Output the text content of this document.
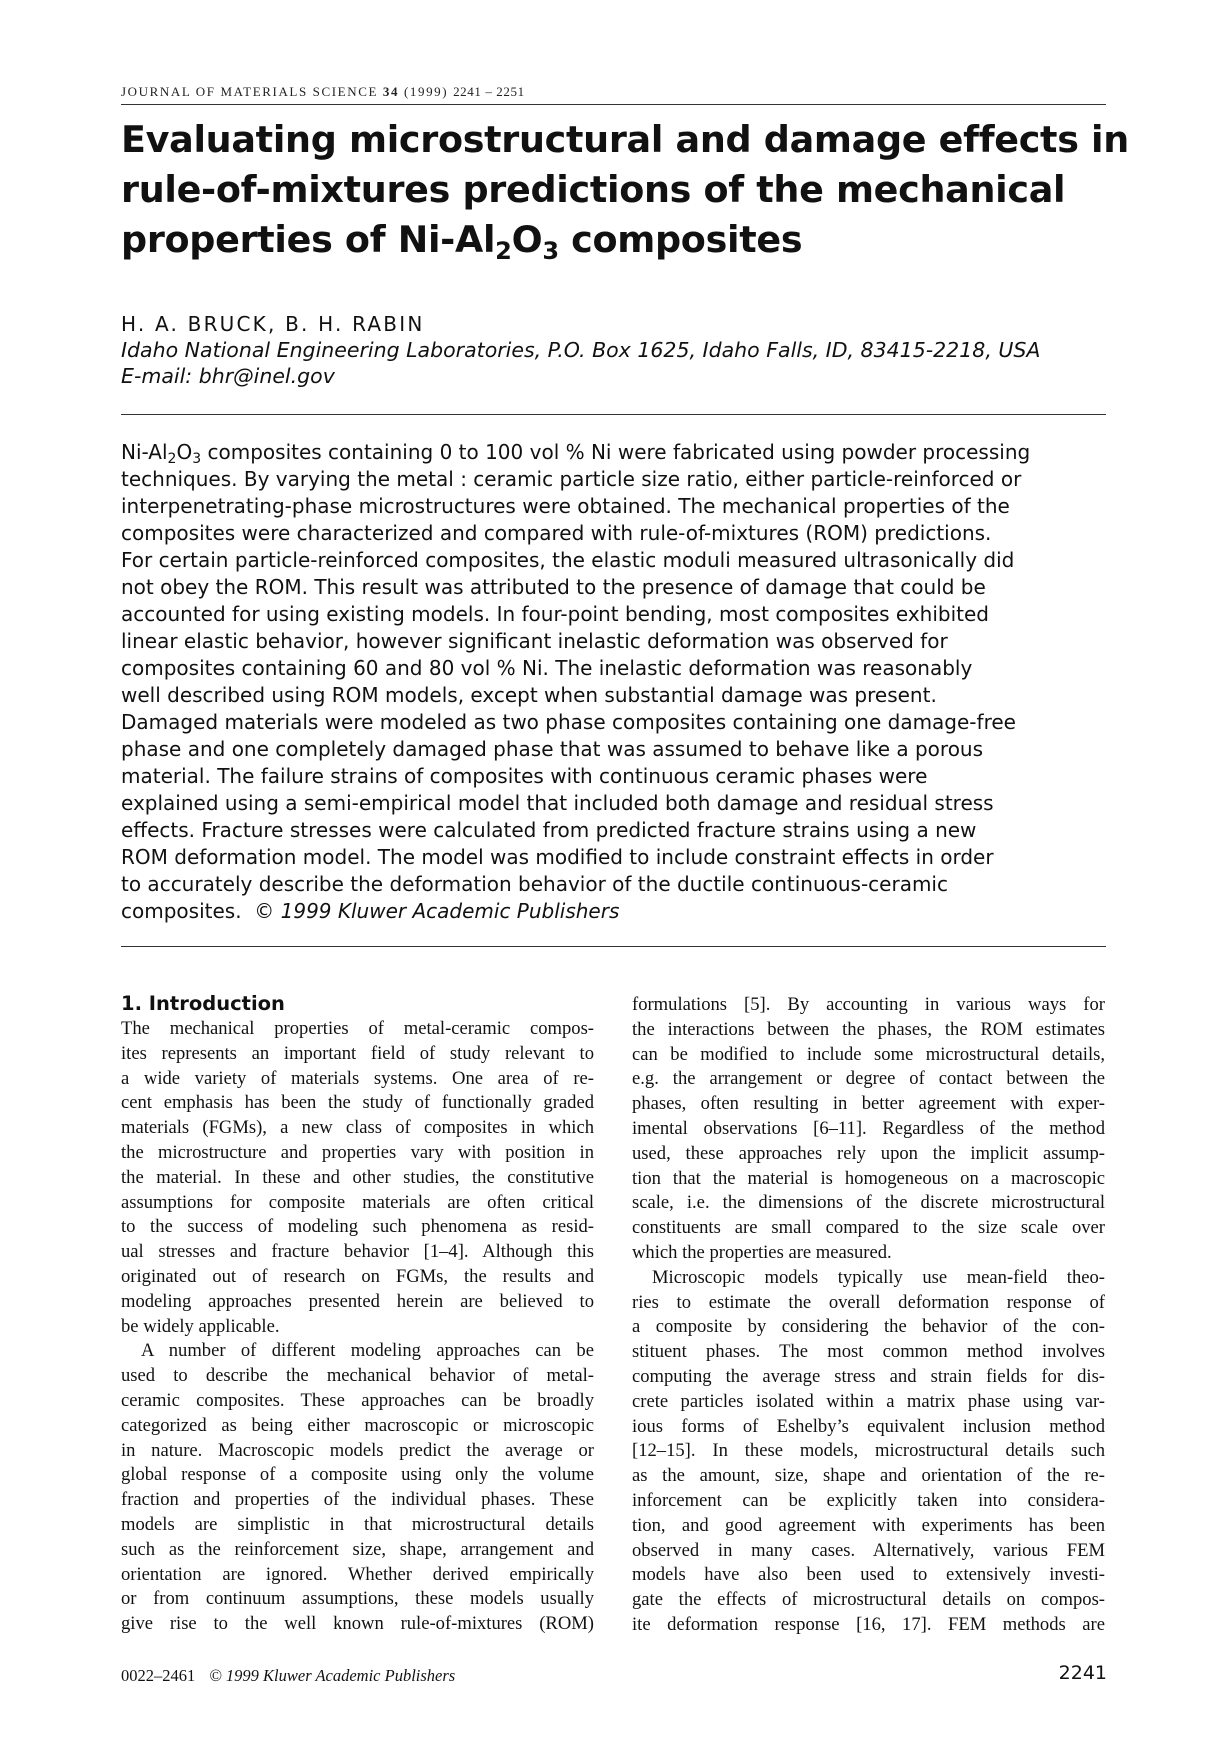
JOURNAL OF MATERIALS SCIENCE 34 (1999) 2241 – 2251
Evaluating microstructural and damage effects in
rule-of-mixtures predictions of the mechanical
properties of $Ni-Al_2O_3$ composites
H. A. BRUCK, B. H. RABIN
Idaho National Engineering Laboratories, P.O. Box 1625, Idaho Falls, ID, 83415-2218, USA
E-mail: bhr@inel.gov
$Ni-Al_2O_3$ composites containing 0 to 100 vol % Ni were fabricated using powder processing
techniques. By varying the metal : ceramic particle size ratio, either particle-reinforced or
interpenetrating-phase microstructures were obtained. The mechanical properties of the
composites were characterized and compared with rule-of-mixtures (ROM) predictions.
For certain particle-reinforced composites, the elastic moduli measured ultrasonically did
not obey the ROM. This result was attributed to the presence of damage that could be
accounted for using existing models. In four-point bending, most composites exhibited
linear elastic behavior, however significant inelastic deformation was observed for
composites containing 60 and 80 vol % Ni. The inelastic deformation was reasonably
well described using ROM models, except when substantial damage was present.
Damaged materials were modeled as two phase composites containing one damage-free
phase and one completely damaged phase that was assumed to behave like a porous
material. The failure strains of composites with continuous ceramic phases were
explained using a semi-empirical model that included both damage and residual stress
effects. Fracture stresses were calculated from predicted fracture strains using a new
ROM deformation model. The model was modified to include constraint effects in order
to accurately describe the deformation behavior of the ductile continuous-ceramic
composites. © 1999 Kluwer Academic Publishers
1. Introduction
The mechanical properties of metal-ceramic compos-
ites represents an important field of study relevant to
a wide variety of materials systems. One area of re-
cent emphasis has been the study of functionally graded
materials (FGMs), a new class of composites in which
the microstructure and properties vary with position in
the material. In these and other studies, the constitutive
assumptions for composite materials are often critical
to the success of modeling such phenomena as resid-
ual stresses and fracture behavior [1–4]. Although this
originated out of research on FGMs, the results and
modeling approaches presented herein are believed to
be widely applicable.
A number of different modeling approaches can be
used to describe the mechanical behavior of metal-
ceramic composites. These approaches can be broadly
categorized as being either macroscopic or microscopic
in nature. Macroscopic models predict the average or
global response of a composite using only the volume
fraction and properties of the individual phases. These
models are simplistic in that microstructural details
such as the reinforcement size, shape, arrangement and
orientation are ignored. Whether derived empirically
or from continuum assumptions, these models usually
give rise to the well known rule-of-mixtures (ROM)
formulations [5]. By accounting in various ways for
the interactions between the phases, the ROM estimates
can be modified to include some microstructural details,
e.g. the arrangement or degree of contact between the
phases, often resulting in better agreement with exper-
imental observations [6–11]. Regardless of the method
used, these approaches rely upon the implicit assump-
tion that the material is homogeneous on a macroscopic
scale, i.e. the dimensions of the discrete microstructural
constituents are small compared to the size scale over
which the properties are measured.
Microscopic models typically use mean-field theo-
ries to estimate the overall deformation response of
a composite by considering the behavior of the con-
stituent phases. The most common method involves
computing the average stress and strain fields for dis-
crete particles isolated within a matrix phase using var-
ious forms of Eshelby’s equivalent inclusion method
[12–15]. In these models, microstructural details such
as the amount, size, shape and orientation of the re-
inforcement can be explicitly taken into considera-
tion, and good agreement with experiments has been
observed in many cases. Alternatively, various FEM
models have also been used to extensively investi-
gate the effects of microstructural details on compos-
ite deformation response [16, 17]. FEM methods are
0022–2461 © 1999 Kluwer Academic Publishers	2241
